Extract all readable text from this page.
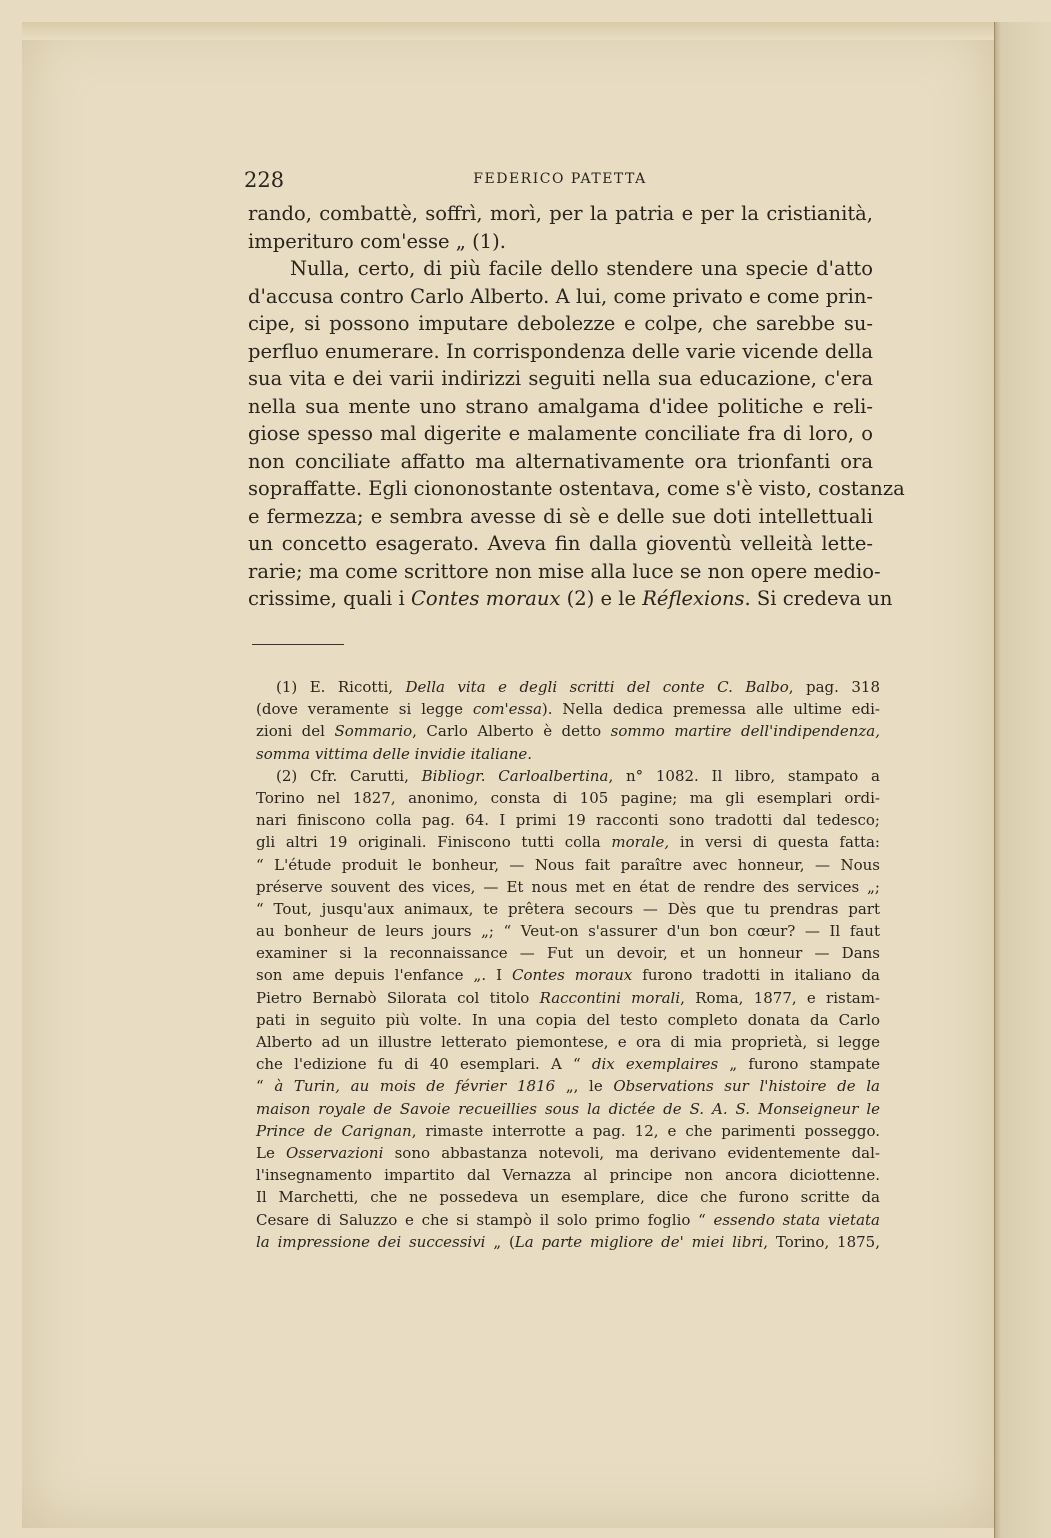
228	FEDERICO PATETTA
rando, combattè, soffrì, morì, per la patria e per la cristianità,
imperituro com'esse „ (1).
Nulla, certo, di più facile dello stendere una specie d'atto
d'accusa contro Carlo Alberto. A lui, come privato e come prin-
cipe, si possono imputare debolezze e colpe, che sarebbe su-
perfluo enumerare. In corrispondenza delle varie vicende della
sua vita e dei varii indirizzi seguiti nella sua educazione, c'era
nella sua mente uno strano amalgama d'idee politiche e reli-
giose spesso mal digerite e malamente conciliate fra di loro, o
non conciliate affatto ma alternativamente ora trionfanti ora
sopraffatte. Egli ciononostante ostentava, come s'è visto, costanza
e fermezza; e sembra avesse di sè e delle sue doti intellettuali
un concetto esagerato. Aveva fin dalla gioventù velleità lette-
rarie; ma come scrittore non mise alla luce se non opere medio-
crissime, quali i Contes moraux (2) e le Réflexions. Si credeva un
(1) E. Ricotti, Della vita e degli scritti del conte C. Balbo, pag. 318
(dove veramente si legge com'essa). Nella dedica premessa alle ultime edi-
zioni del Sommario, Carlo Alberto è detto sommo martire dell'indipendenza,
somma vittima delle invidie italiane.
(2) Cfr. Carutti, Bibliogr. Carloalbertina, n° 1082. Il libro, stampato a
Torino nel 1827, anonimo, consta di 105 pagine; ma gli esemplari ordi-
nari finiscono colla pag. 64. I primi 19 racconti sono tradotti dal tedesco;
gli altri 19 originali. Finiscono tutti colla morale, in versi di questa fatta:
“ L'étude produit le bonheur, — Nous fait paraître avec honneur, — Nous
préserve souvent des vices, — Et nous met en état de rendre des services „;
“ Tout, jusqu'aux animaux, te prêtera secours — Dès que tu prendras part
au bonheur de leurs jours „; “ Veut-on s'assurer d'un bon cœur? — Il faut
examiner si la reconnaissance — Fut un devoir, et un honneur — Dans
son ame depuis l'enfance „. I Contes moraux furono tradotti in italiano da
Pietro Bernabò Silorata col titolo Raccontini morali, Roma, 1877, e ristam-
pati in seguito più volte. In una copia del testo completo donata da Carlo
Alberto ad un illustre letterato piemontese, e ora di mia proprietà, si legge
che l'edizione fu di 40 esemplari. A “ dix exemplaires „ furono stampate
“ à Turin, au mois de février 1816 „, le Observations sur l'histoire de la
maison royale de Savoie recueillies sous la dictée de S. A. S. Monseigneur le
Prince de Carignan, rimaste interrotte a pag. 12, e che parimenti posseggo.
Le Osservazioni sono abbastanza notevoli, ma derivano evidentemente dal-
l'insegnamento impartito dal Vernazza al principe non ancora diciottenne.
Il Marchetti, che ne possedeva un esemplare, dice che furono scritte da
Cesare di Saluzzo e che si stampò il solo primo foglio “ essendo stata vietata
la impressione dei successivi „ (La parte migliore de' miei libri, Torino, 1875,
